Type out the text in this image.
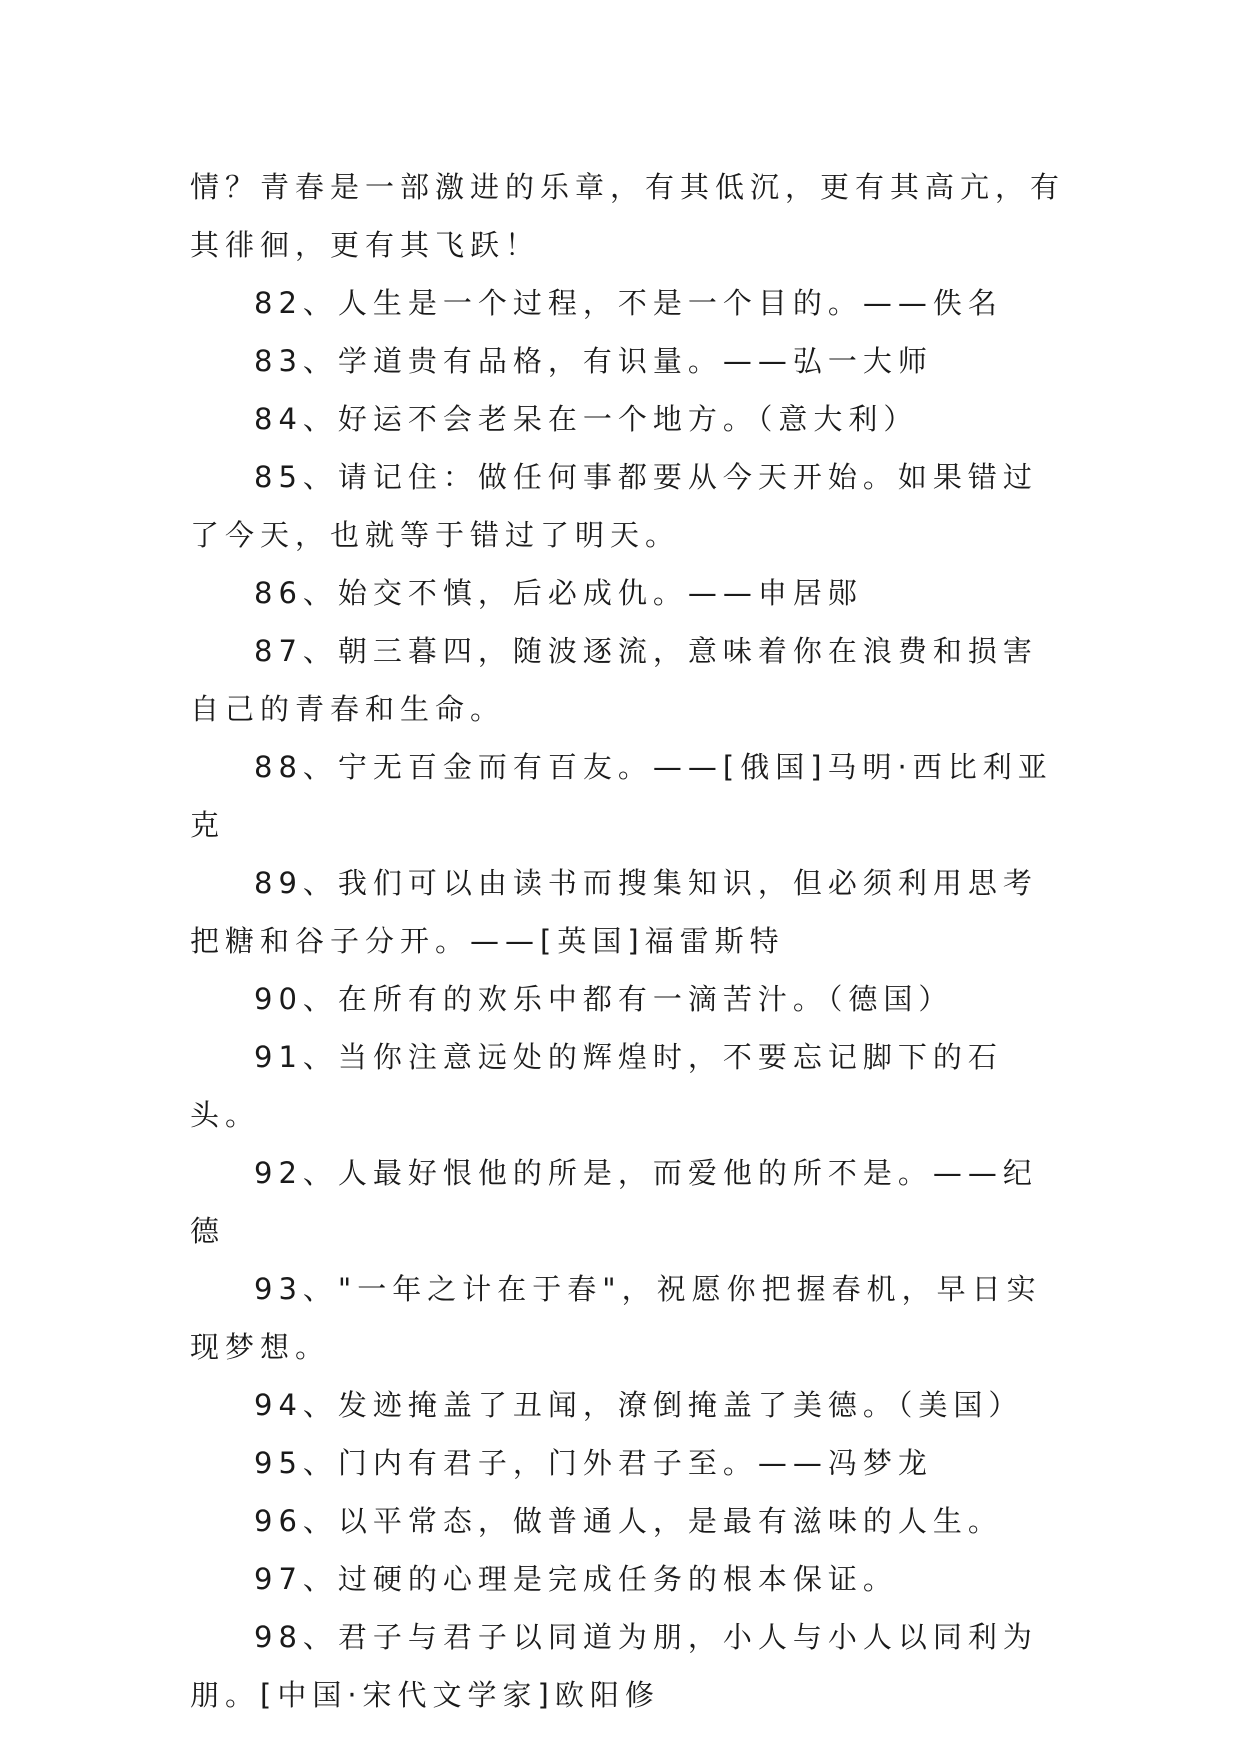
情？青春是一部激进的乐章，有其低沉，更有其高亢，有其徘徊，更有其飞跃！

82、人生是一个过程，不是一个目的。——佚名

83、学道贵有品格，有识量。——弘一大师

84、好运不会老呆在一个地方。（意大利）

85、请记住：做任何事都要从今天开始。如果错过了今天，也就等于错过了明天。

86、始交不慎，后必成仇。——申居郧

87、朝三暮四，随波逐流，意味着你在浪费和损害自己的青春和生命。

88、宁无百金而有百友。——[俄国]马明·西比利亚克

89、我们可以由读书而搜集知识，但必须利用思考把糖和谷子分开。——[英国]福雷斯特

90、在所有的欢乐中都有一滴苦汁。（德国）

91、当你注意远处的辉煌时，不要忘记脚下的石头。

92、人最好恨他的所是，而爱他的所不是。——纪德

93、"一年之计在于春"，祝愿你把握春机，早日实现梦想。

94、发迹掩盖了丑闻，潦倒掩盖了美德。（美国）

95、门内有君子，门外君子至。——冯梦龙

96、以平常态，做普通人，是最有滋味的人生。

97、过硬的心理是完成任务的根本保证。

98、君子与君子以同道为朋，小人与小人以同利为朋。[中国·宋代文学家]欧阳修
